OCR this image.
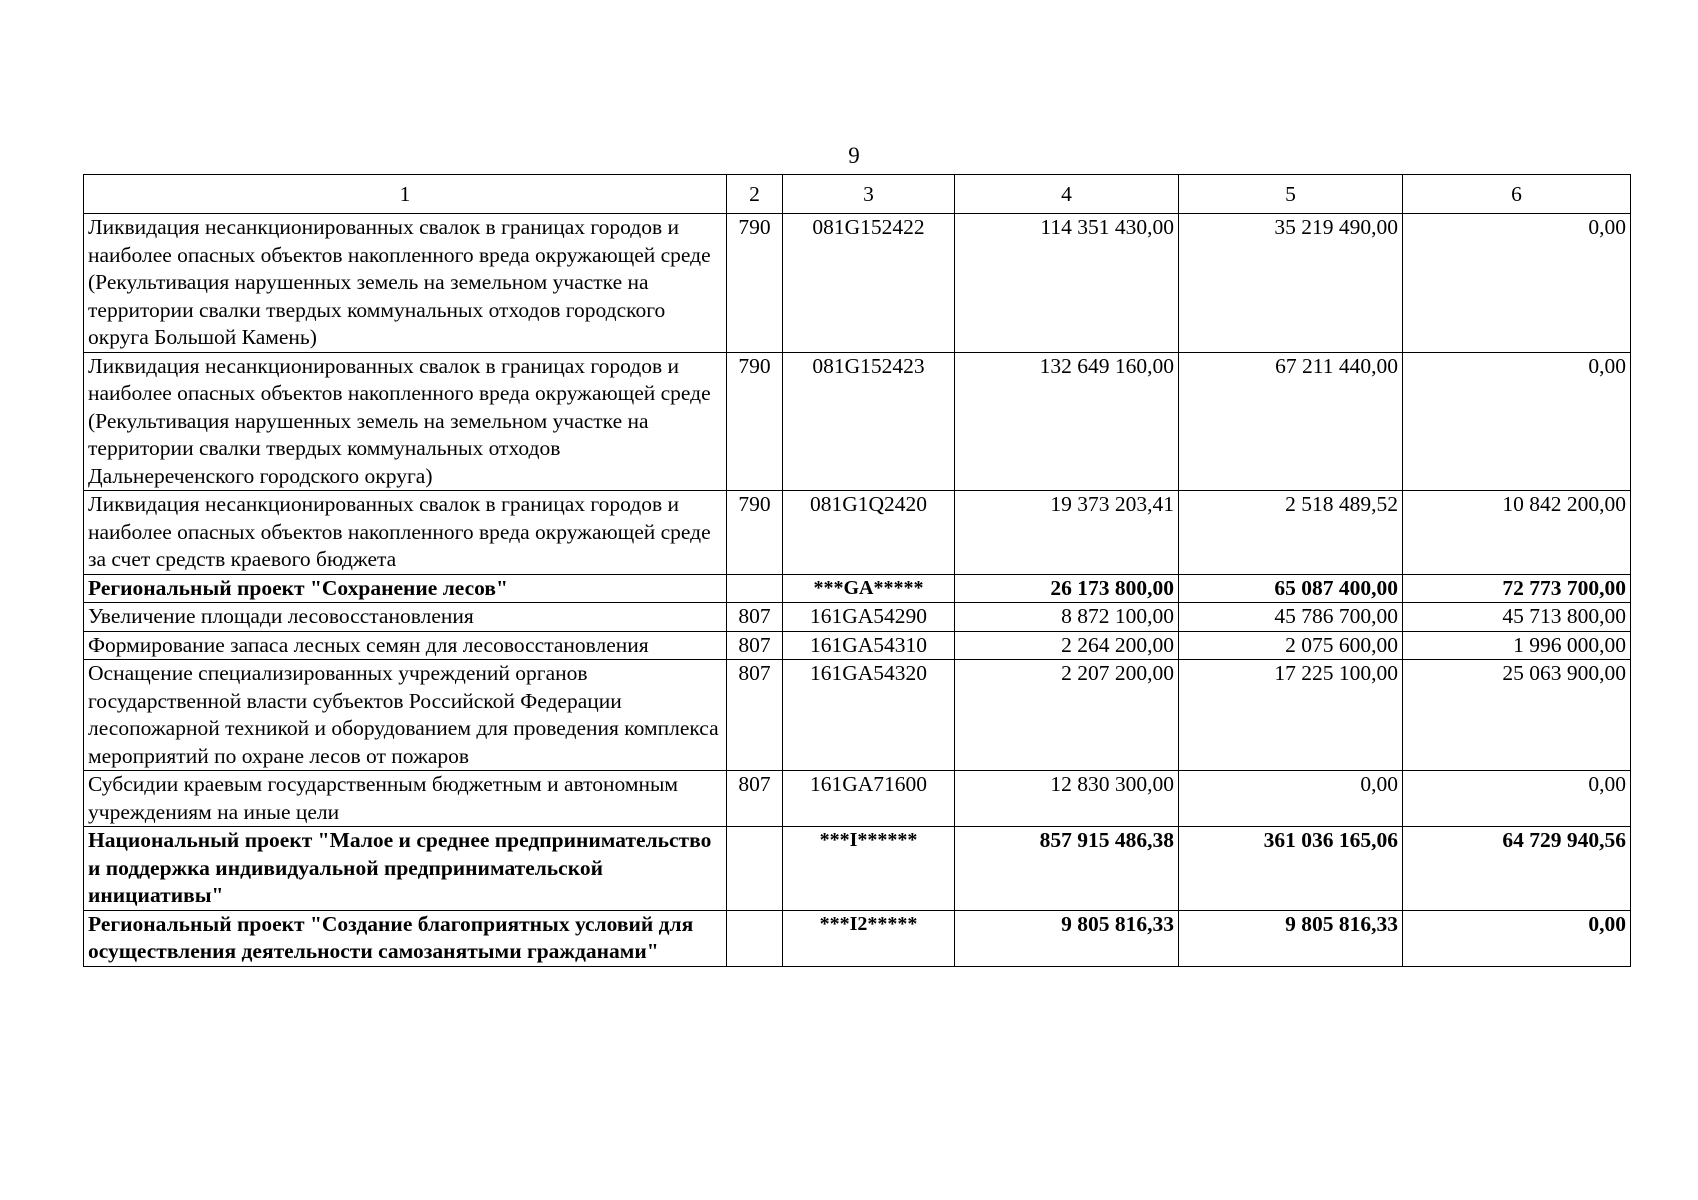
9
1	2	3	4	5	6
Ликвидация несанкционированных свалок в границах городов и наиболее опасных объектов накопленного вреда окружающей среде (Рекультивация нарушенных земель на земельном участке на территории свалки твердых коммунальных отходов городского округа Большой Камень)	790	081G152422	114 351 430,00	35 219 490,00	0,00
Ликвидация несанкционированных свалок в границах городов и наиболее опасных объектов накопленного вреда окружающей среде (Рекультивация нарушенных земель на земельном участке на территории свалки твердых коммунальных отходов Дальнереченского городского округа)	790	081G152423	132 649 160,00	67 211 440,00	0,00
Ликвидация несанкционированных свалок в границах городов и наиболее опасных объектов накопленного вреда окружающей среде за счет средств краевого бюджета	790	081G1Q2420	19 373 203,41	2 518 489,52	10 842 200,00
Региональный проект "Сохранение лесов"		***GA*****	26 173 800,00	65 087 400,00	72 773 700,00
Увеличение площади лесовосстановления	807	161GA54290	8 872 100,00	45 786 700,00	45 713 800,00
Формирование запаса лесных семян для лесовосстановления	807	161GA54310	2 264 200,00	2 075 600,00	1 996 000,00
Оснащение специализированных учреждений органов государственной власти субъектов Российской Федерации лесопожарной техникой и оборудованием для проведения комплекса мероприятий по охране лесов от пожаров	807	161GA54320	2 207 200,00	17 225 100,00	25 063 900,00
Субсидии краевым государственным бюджетным и автономным учреждениям на иные цели	807	161GA71600	12 830 300,00	0,00	0,00
Национальный проект "Малое и среднее предпринимательство и поддержка индивидуальной предпринимательской инициативы"		***I******	857 915 486,38	361 036 165,06	64 729 940,56
Региональный проект "Создание благоприятных условий для осуществления деятельности самозанятыми гражданами"		***I2*****	9 805 816,33	9 805 816,33	0,00
